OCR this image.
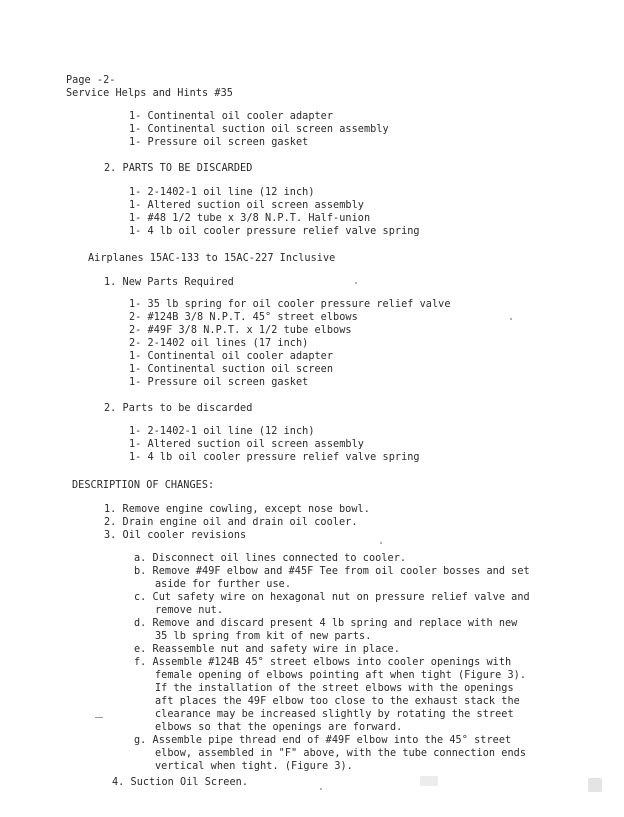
Page -2-
Service Helps and Hints #35
1- Continental oil cooler adapter
1- Continental suction oil screen assembly
1- Pressure oil screen gasket
2. PARTS TO BE DISCARDED
1- 2-1402-1 oil line (12 inch)
1- Altered suction oil screen assembly
1- #48 1/2 tube x 3/8 N.P.T. Half-union
1- 4 lb oil cooler pressure relief valve spring
Airplanes 15AC-133 to 15AC-227 Inclusive
1. New Parts Required
1- 35 lb spring for oil cooler pressure relief valve
2- #124B 3/8 N.P.T. 45° street elbows
2- #49F 3/8 N.P.T. x 1/2 tube elbows
2- 2-1402 oil lines (17 inch)
1- Continental oil cooler adapter
1- Continental suction oil screen
1- Pressure oil screen gasket
2. Parts to be discarded
1- 2-1402-1 oil line (12 inch)
1- Altered suction oil screen assembly
1- 4 lb oil cooler pressure relief valve spring
DESCRIPTION OF CHANGES:
1. Remove engine cowling, except nose bowl.
2. Drain engine oil and drain oil cooler.
3. Oil cooler revisions
a. Disconnect oil lines connected to cooler.
b. Remove #49F elbow and #45F Tee from oil cooler bosses and set
aside for further use.
c. Cut safety wire on hexagonal nut on pressure relief valve and
remove nut.
d. Remove and discard present 4 lb spring and replace with new
35 lb spring from kit of new parts.
e. Reassemble nut and safety wire in place.
f. Assemble #124B 45° street elbows into cooler openings with
female opening of elbows pointing aft when tight (Figure 3).
If the installation of the street elbows with the openings
aft places the 49F elbow too close to the exhaust stack the
clearance may be increased slightly by rotating the street
elbows so that the openings are forward.
g. Assemble pipe thread end of #49F elbow into the 45° street
elbow, assembled in "F" above, with the tube connection ends
vertical when tight. (Figure 3).
4. Suction Oil Screen.
